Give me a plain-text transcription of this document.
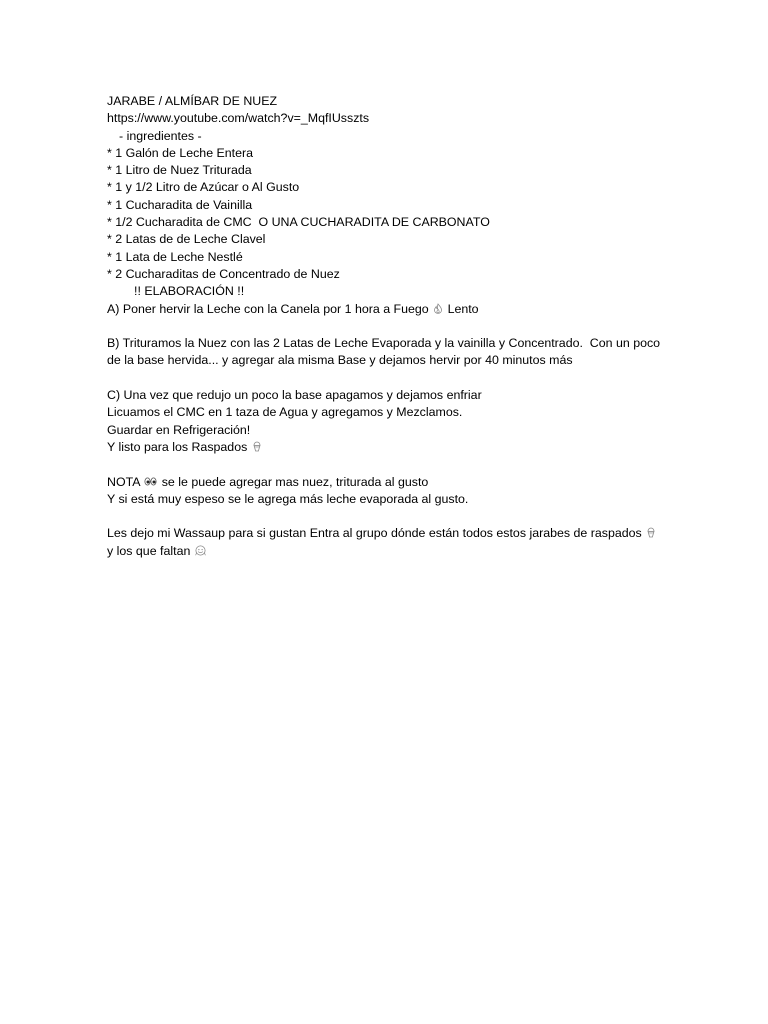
JARABE / ALMÍBAR DE NUEZ
https://www.youtube.com/watch?v=_MqfIUsszts
- ingredientes -
* 1 Galón de Leche Entera
* 1 Litro de Nuez Triturada
* 1 y 1/2 Litro de Azúcar o Al Gusto
* 1 Cucharadita de Vainilla
* 1/2 Cucharadita de CMC  O UNA CUCHARADITA DE CARBONATO
* 2 Latas de de Leche Clavel
* 1 Lata de Leche Nestlé
* 2 Cucharaditas de Concentrado de Nuez
!! ELABORACIÓN !!
A) Poner hervir la Leche con la Canela por 1 hora a Fuego
Lento
B) Trituramos la Nuez con las 2 Latas de Leche Evaporada y la vainilla y Concentrado.  Con un poco
de la base hervida... y agregar ala misma Base y dejamos hervir por 40 minutos más
C) Una vez que redujo un poco la base apagamos y dejamos enfriar
Licuamos el CMC en 1 taza de Agua y agregamos y Mezclamos.
Guardar en Refrigeración!
Y listo para los Raspados
NOTA
se le puede agregar mas nuez, triturada al gusto
Y si está muy espeso se le agrega más leche evaporada al gusto.
Les dejo mi Wassaup para si gustan Entra al grupo dónde están todos estos jarabes de raspados
y los que faltan
